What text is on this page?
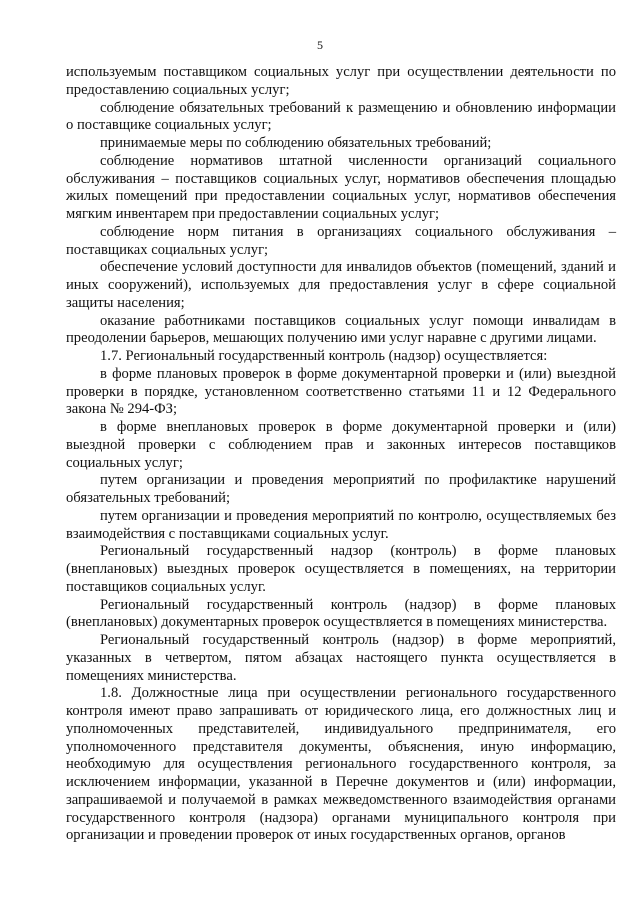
5

используемым поставщиком социальных услуг при осуществлении деятельности по предоставлению социальных услуг;

соблюдение обязательных требований к размещению и обновлению информации о поставщике социальных услуг;

принимаемые меры по соблюдению обязательных требований;

соблюдение нормативов штатной численности организаций социального обслуживания – поставщиков социальных услуг, нормативов обеспечения площадью жилых помещений при предоставлении социальных услуг, нормативов обеспечения мягким инвентарем при предоставлении социальных услуг;

соблюдение норм питания в организациях социального обслуживания – поставщиках социальных услуг;

обеспечение условий доступности для инвалидов объектов (помещений, зданий и иных сооружений), используемых для предоставления услуг в сфере социальной защиты населения;

оказание работниками поставщиков социальных услуг помощи инвалидам в преодолении барьеров, мешающих получению ими услуг наравне с другими лицами.

1.7. Региональный государственный контроль (надзор) осуществляется:

в форме плановых проверок в форме документарной проверки и (или) выездной проверки в порядке, установленном соответственно статьями 11 и 12 Федерального закона № 294-ФЗ;

в форме внеплановых проверок в форме документарной проверки и (или) выездной проверки с соблюдением прав и законных интересов поставщиков социальных услуг;

путем организации и проведения мероприятий по профилактике нарушений обязательных требований;

путем организации и проведения мероприятий по контролю, осуществляемых без взаимодействия с поставщиками социальных услуг.

Региональный государственный надзор (контроль) в форме плановых (внеплановых) выездных проверок осуществляется в помещениях, на территории поставщиков социальных услуг.

Региональный государственный контроль (надзор) в форме плановых (внеплановых) документарных проверок осуществляется в помещениях министерства.

Региональный государственный контроль (надзор) в форме мероприятий, указанных в четвертом, пятом абзацах настоящего пункта осуществляется в помещениях министерства.

1.8. Должностные лица при осуществлении регионального государственного контроля имеют право запрашивать от юридического лица, его должностных лиц и уполномоченных представителей, индивидуального предпринимателя, его уполномоченного представителя документы, объяснения, иную информацию, необходимую для осуществления регионального государственного контроля, за исключением информации, указанной в Перечне документов и (или) информации, запрашиваемой и получаемой в рамках межведомственного взаимодействия органами государственного контроля (надзора) органами муниципального контроля при организации и проведении проверок от иных государственных органов, органов
